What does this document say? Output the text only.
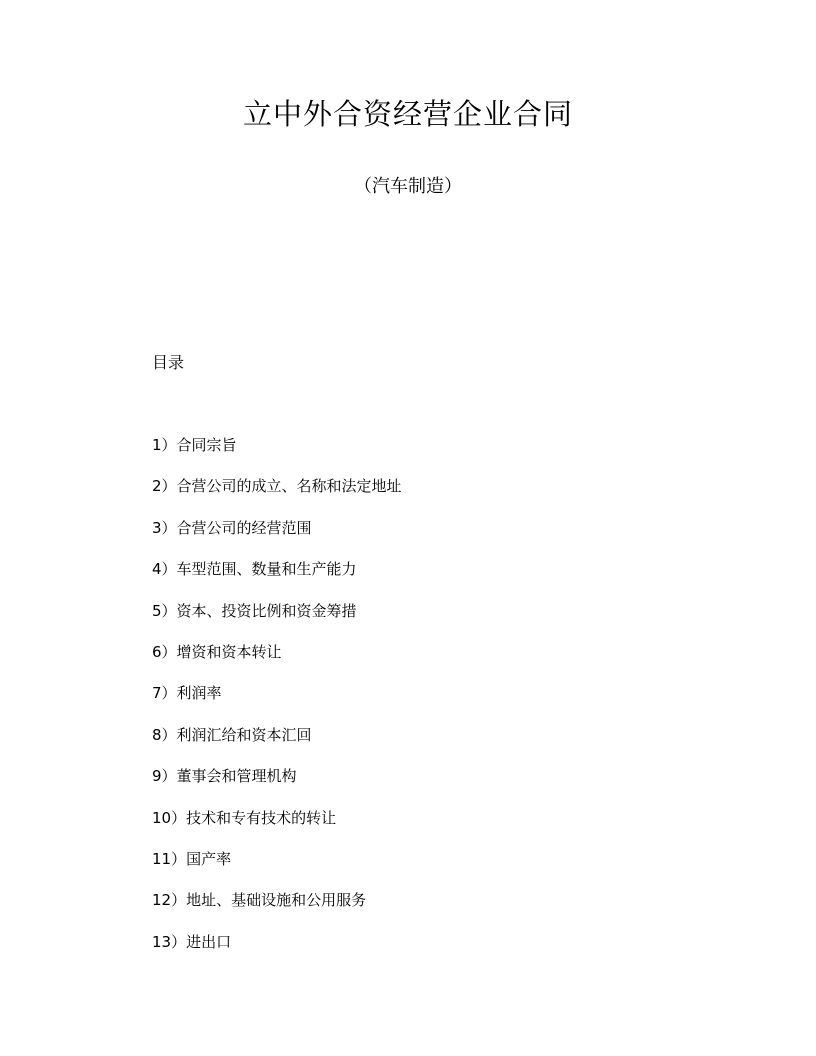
立中外合资经营企业合同
（汽车制造）
目录
1）合同宗旨
2）合营公司的成立、名称和法定地址
3）合营公司的经营范围
4）车型范围、数量和生产能力
5）资本、投资比例和资金筹措
6）增资和资本转让
7）利润率
8）利润汇给和资本汇回
9）董事会和管理机构
10）技术和专有技术的转让
11）国产率
12）地址、基础设施和公用服务
13）进出口
